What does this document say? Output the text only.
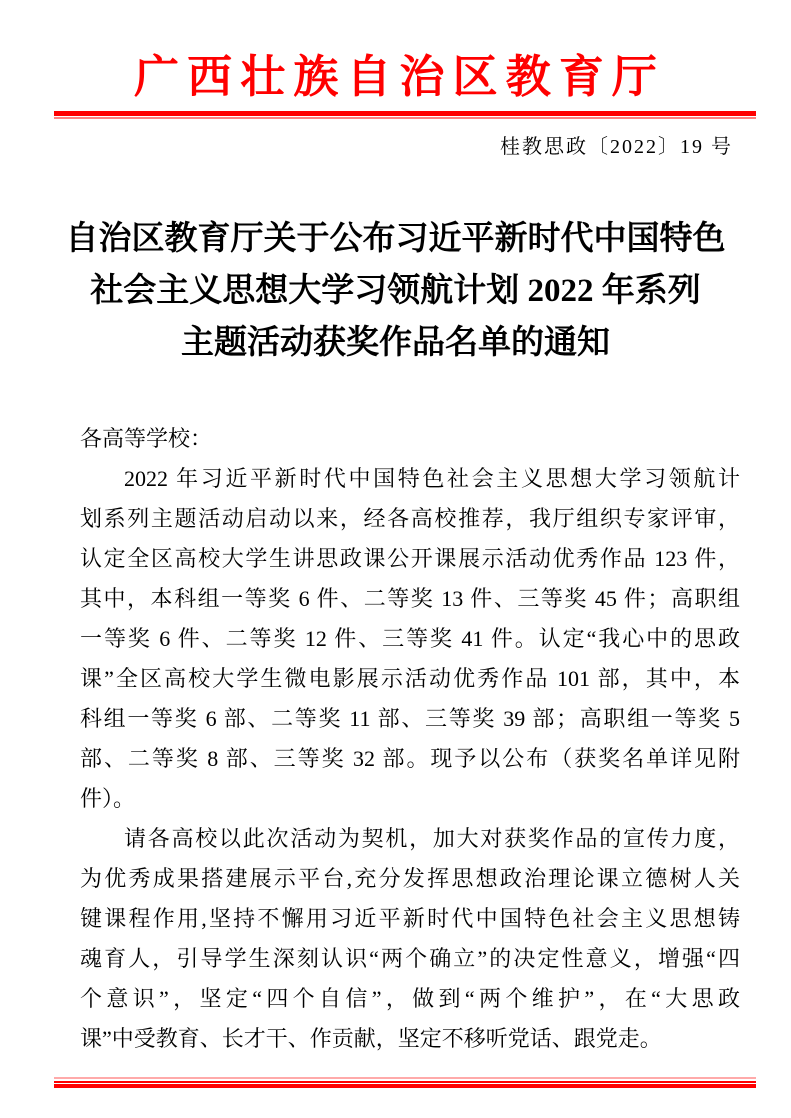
广西壮族自治区教育厅
桂教思政〔2022〕19 号
自治区教育厅关于公布习近平新时代中国特色
社会主义思想大学习领航计划 2022 年系列
主题活动获奖作品名单的通知
各高等学校：
2022 年习近平新时代中国特色社会主义思想大学习领航计
划系列主题活动启动以来，经各高校推荐，我厅组织专家评审，
认定全区高校大学生讲思政课公开课展示活动优秀作品 123 件，
其中，本科组一等奖 6 件、二等奖 13 件、三等奖 45 件；高职组
一等奖 6 件、二等奖 12 件、三等奖 41 件。认定“我心中的思政
课”全区高校大学生微电影展示活动优秀作品 101 部，其中，本
科组一等奖 6 部、二等奖 11 部、三等奖 39 部；高职组一等奖 5
部、二等奖 8 部、三等奖 32 部。现予以公布（获奖名单详见附
件）。
请各高校以此次活动为契机，加大对获奖作品的宣传力度，
为优秀成果搭建展示平台,充分发挥思想政治理论课立德树人关
键课程作用,坚持不懈用习近平新时代中国特色社会主义思想铸
魂育人，引导学生深刻认识“两个确立”的决定性意义，增强“四
个意识”，坚定“四个自信”，做到“两个维护”，在“大思政
课”中受教育、长才干、作贡献，坚定不移听党话、跟党走。
